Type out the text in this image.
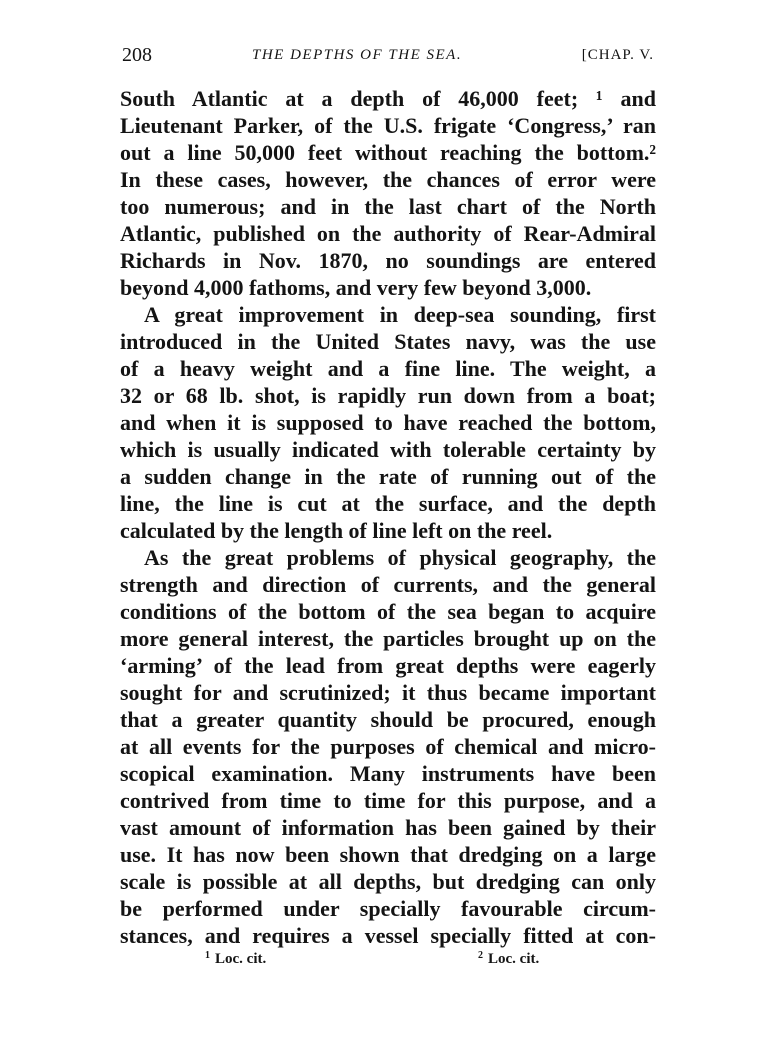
208	THE DEPTHS OF THE SEA.	[CHAP. V.
South Atlantic at a depth of 46,000 feet; ¹ and
Lieutenant Parker, of the U.S. frigate ‘Congress,’ ran
out a line 50,000 feet without reaching the bottom.²
In these cases, however, the chances of error were
too numerous; and in the last chart of the North
Atlantic, published on the authority of Rear-Admiral
Richards in Nov. 1870, no soundings are entered
beyond 4,000 fathoms, and very few beyond 3,000.
A great improvement in deep-sea sounding, first
introduced in the United States navy, was the use
of a heavy weight and a fine line. The weight, a
32 or 68 lb. shot, is rapidly run down from a boat;
and when it is supposed to have reached the bottom,
which is usually indicated with tolerable certainty by
a sudden change in the rate of running out of the
line, the line is cut at the surface, and the depth
calculated by the length of line left on the reel.
As the great problems of physical geography, the
strength and direction of currents, and the general
conditions of the bottom of the sea began to acquire
more general interest, the particles brought up on the
‘arming’ of the lead from great depths were eagerly
sought for and scrutinized; it thus became important
that a greater quantity should be procured, enough
at all events for the purposes of chemical and micro-
scopical examination. Many instruments have been
contrived from time to time for this purpose, and a
vast amount of information has been gained by their
use. It has now been shown that dredging on a large
scale is possible at all depths, but dredging can only
be performed under specially favourable circum-
stances, and requires a vessel specially fitted at con-
$^1$ Loc. cit.	$^2$ Loc. cit.
